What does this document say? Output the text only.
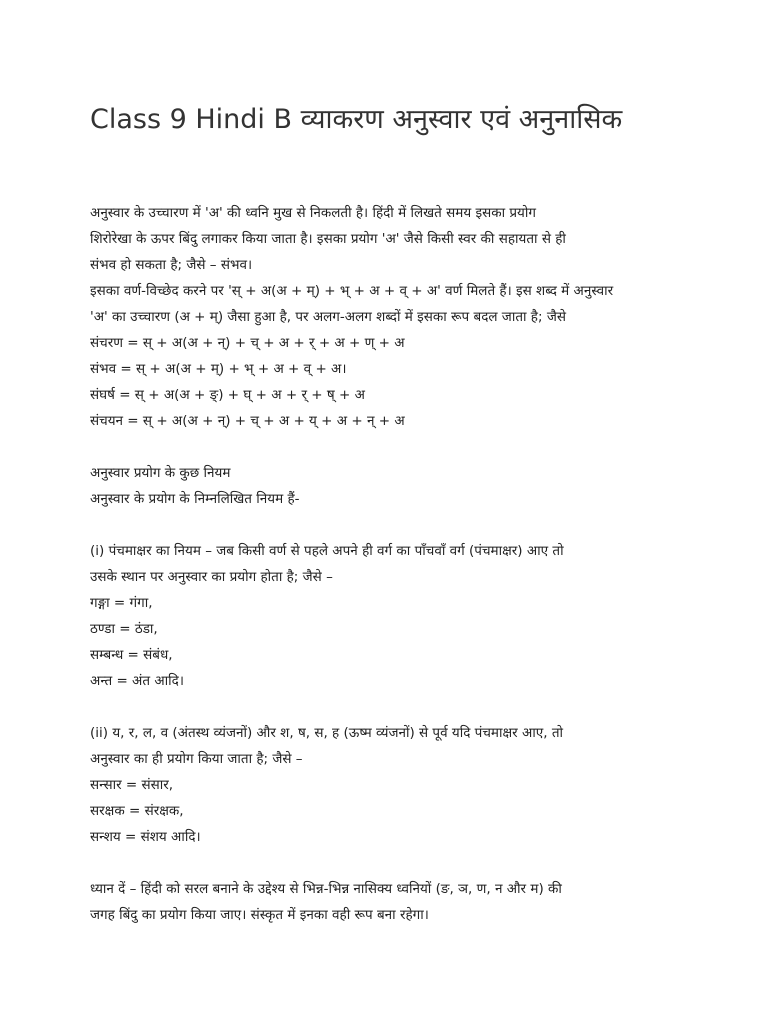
Class 9 Hindi B व्याकरण अनुस्वार एवं अनुनासिक
अनुस्वार के उच्चारण में 'अ' की ध्वनि मुख से निकलती है। हिंदी में लिखते समय इसका प्रयोग
शिरोरेखा के ऊपर बिंदु लगाकर किया जाता है। इसका प्रयोग 'अ' जैसे किसी स्वर की सहायता से ही
संभव हो सकता है; जैसे – संभव।
इसका वर्ण-विच्छेद करने पर 'स् + अ(अ + म्) + भ् + अ + व् + अ' वर्ण मिलते हैं। इस शब्द में अनुस्वार
'अ' का उच्चारण (अ + म्) जैसा हुआ है, पर अलग-अलग शब्दों में इसका रूप बदल जाता है; जैसे
संचरण = स् + अ(अ + न्) + च् + अ + र् + अ + ण् + अ
संभव = स् + अ(अ + म्) + भ् + अ + व् + अ।
संघर्ष = स् + अ(अ + ङ्) + घ् + अ + र् + ष् + अ
संचयन = स् + अ(अ + न्) + च् + अ + य् + अ + न् + अ
अनुस्वार प्रयोग के कुछ नियम
अनुस्वार के प्रयोग के निम्नलिखित नियम हैं-
(i) पंचमाक्षर का नियम – जब किसी वर्ण से पहले अपने ही वर्ग का पाँचवाँ वर्ग (पंचमाक्षर) आए तो
उसके स्थान पर अनुस्वार का प्रयोग होता है; जैसे –
गङ्गा = गंगा,
ठण्डा = ठंडा,
सम्बन्ध = संबंध,
अन्त = अंत आदि।
(ii) य, र, ल, व (अंतस्थ व्यंजनों) और श, ष, स, ह (ऊष्म व्यंजनों) से पूर्व यदि पंचमाक्षर आए, तो
अनुस्वार का ही प्रयोग किया जाता है; जैसे –
सन्सार = संसार,
सरक्षक = संरक्षक,
सन्शय = संशय आदि।
ध्यान दें – हिंदी को सरल बनाने के उद्देश्य से भिन्न-भिन्न नासिक्य ध्वनियों (ङ, ञ, ण, न और म) की
जगह बिंदु का प्रयोग किया जाए। संस्कृत में इनका वही रूप बना रहेगा।
